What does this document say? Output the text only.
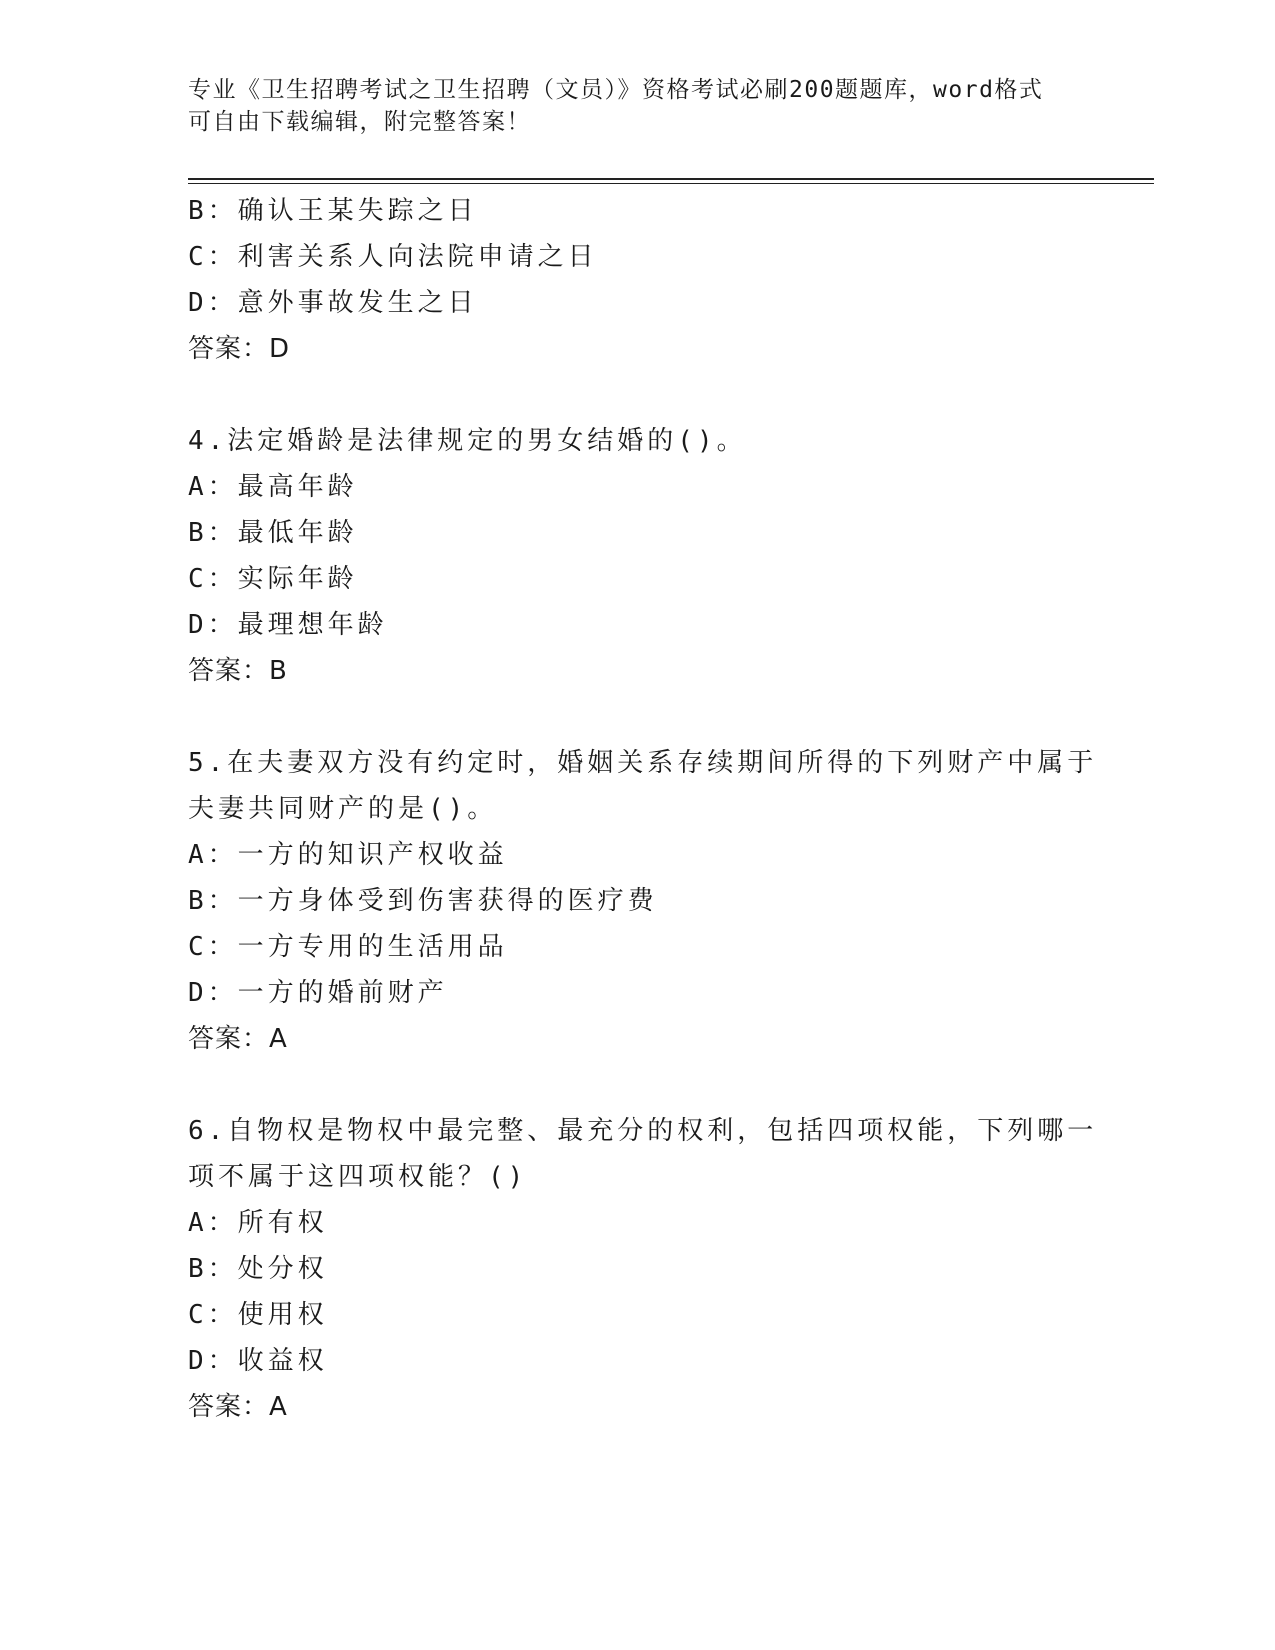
专业《卫生招聘考试之卫生招聘（文员）》资格考试必刷200题题库，word格式
可自由下载编辑，附完整答案！
B：确认王某失踪之日
C：利害关系人向法院申请之日
D：意外事故发生之日
答案：D
4.法定婚龄是法律规定的男女结婚的()。
A：最高年龄
B：最低年龄
C：实际年龄
D：最理想年龄
答案：B
5.在夫妻双方没有约定时，婚姻关系存续期间所得的下列财产中属于
夫妻共同财产的是()。
A：一方的知识产权收益
B：一方身体受到伤害获得的医疗费
C：一方专用的生活用品
D：一方的婚前财产
答案：A
6.自物权是物权中最完整、最充分的权利，包括四项权能，下列哪一
项不属于这四项权能？()
A：所有权
B：处分权
C：使用权
D：收益权
答案：A
